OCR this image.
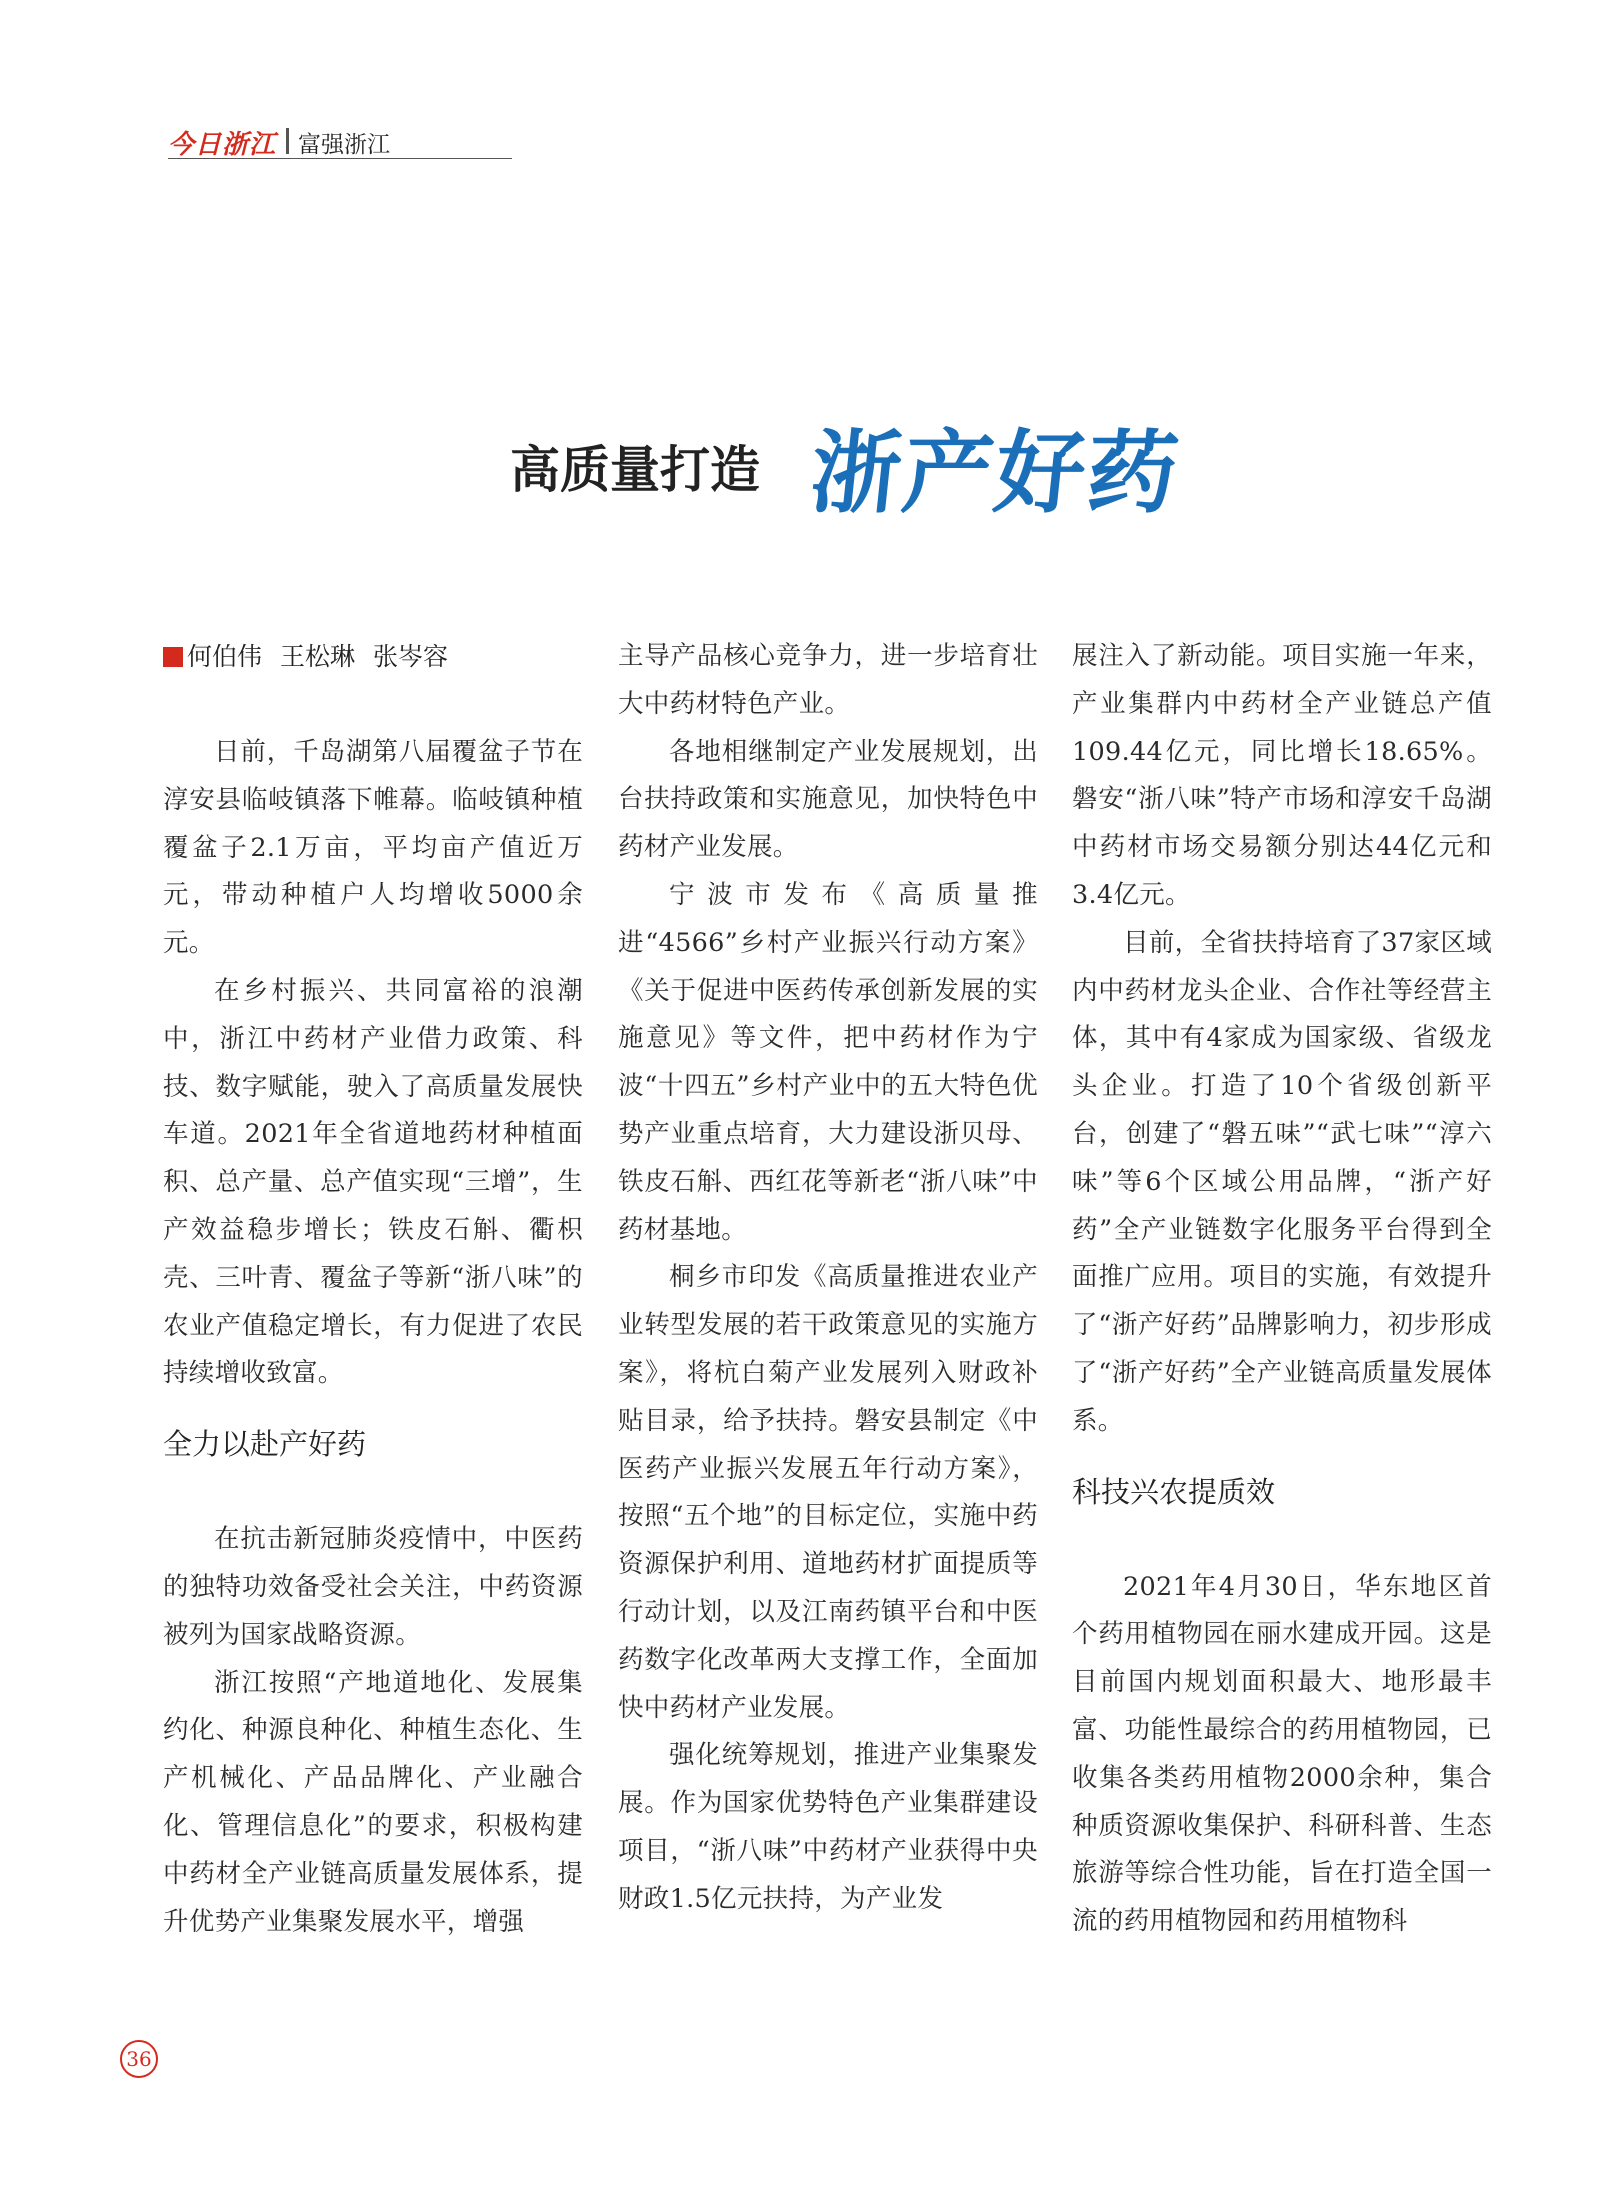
今日浙江 富强浙江
高质量打造 浙产好药
何伯伟 王松琳 张岑容

日前，千岛湖第八届覆盆子节在淳安县临岐镇落下帷幕。临岐镇种植覆盆子2.1万亩，平均亩产值近万元，带动种植户人均增收5000余元。

在乡村振兴、共同富裕的浪潮中，浙江中药材产业借力政策、科技、数字赋能，驶入了高质量发展快车道。2021年全省道地药材种植面积、总产量、总产值实现“三增”，生产效益稳步增长；铁皮石斛、衢枳壳、三叶青、覆盆子等新“浙八味”的农业产值稳定增长，有力促进了农民持续增收致富。

全力以赴产好药

在抗击新冠肺炎疫情中，中医药的独特功效备受社会关注，中药资源被列为国家战略资源。

浙江按照“产地道地化、发展集约化、种源良种化、种植生态化、生产机械化、产品品牌化、产业融合化、管理信息化”的要求，积极构建中药材全产业链高质量发展体系，提升优势产业集聚发展水平，增强

主导产品核心竞争力，进一步培育壮大中药材特色产业。

各地相继制定产业发展规划，出台扶持政策和实施意见，加快特色中药材产业发展。

宁波市发布《高质量推进“4566”乡村产业振兴行动方案》《关于促进中医药传承创新发展的实施意见》等文件，把中药材作为宁波“十四五”乡村产业中的五大特色优势产业重点培育，大力建设浙贝母、铁皮石斛、西红花等新老“浙八味”中药材基地。

桐乡市印发《高质量推进农业产业转型发展的若干政策意见的实施方案》，将杭白菊产业发展列入财政补贴目录，给予扶持。磐安县制定《中医药产业振兴发展五年行动方案》，按照“五个地”的目标定位，实施中药资源保护利用、道地药材扩面提质等行动计划，以及江南药镇平台和中医药数字化改革两大支撑工作，全面加快中药材产业发展。

强化统筹规划，推进产业集聚发展。作为国家优势特色产业集群建设项目，“浙八味”中药材产业获得中央财政1.5亿元扶持，为产业发

展注入了新动能。项目实施一年来，产业集群内中药材全产业链总产值109.44亿元，同比增长18.65%。磐安“浙八味”特产市场和淳安千岛湖中药材市场交易额分别达44亿元和3.4亿元。

目前，全省扶持培育了37家区域内中药材龙头企业、合作社等经营主体，其中有4家成为国家级、省级龙头企业。打造了10个省级创新平台，创建了“磐五味”“武七味”“淳六味”等6个区域公用品牌，“浙产好药”全产业链数字化服务平台得到全面推广应用。项目的实施，有效提升了“浙产好药”品牌影响力，初步形成了“浙产好药”全产业链高质量发展体系。

科技兴农提质效

2021年4月30日，华东地区首个药用植物园在丽水建成开园。这是目前国内规划面积最大、地形最丰富、功能性最综合的药用植物园，已收集各类药用植物2000余种，集合种质资源收集保护、科研科普、生态旅游等综合性功能，旨在打造全国一流的药用植物园和药用植物科

36
